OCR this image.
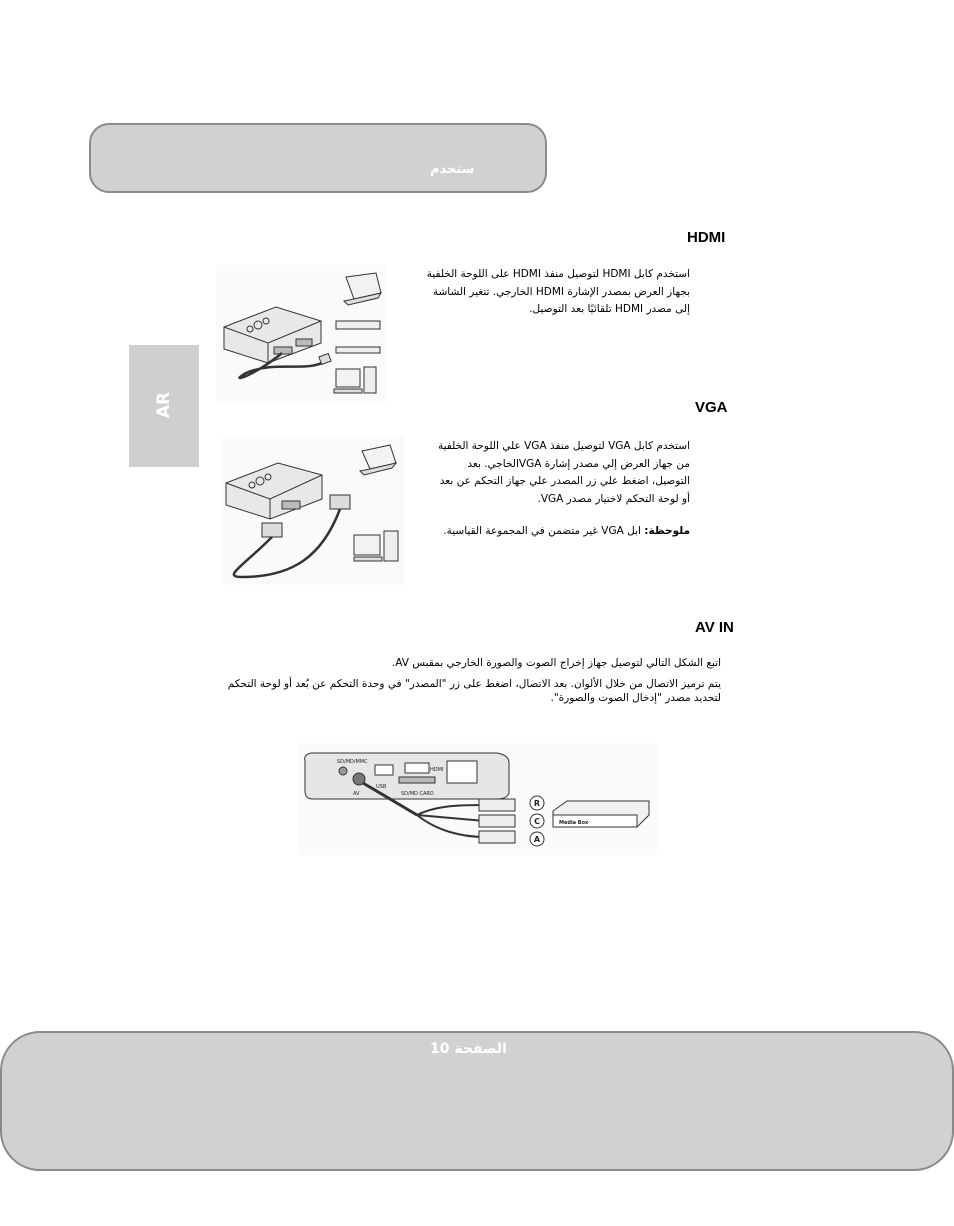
ستخدم
AR
HDMI

استخدم كابل HDMI لتوصيل منفذ HDMI على اللوحة الخلفية

بجهاز العرض بمصدر الإشارة HDMI الخارجي. تتغير الشاشة

إلى مصدر HDMI تلقائيًا بعد التوصيل.

VGA

استخدم كابل VGA لتوصيل منفذ VGA علي اللوحة الخلفية

من جهاز العرض إلي مصدر إشارة VGAالخاجي. بعد

التوصيل، اضغط علي زر المصدر علي جهاز التحكم عن بعد

أو لوحة التحكم لاختيار مصدر VGA.

ملوحظة: ابل VGA غير متضمن في المجموعة القياسية.
AV IN

اتبع الشكل التالي لتوصيل جهاز إخراج الصوت والصورة الخارجي بمقبس AV.

يتم ترميز الاتصال من خلال الألوان. بعد الاتصال، اضغط على زر "المصدر" في وحدة التحكم عن بُعد أو لوحة التحكم

لتحديد مصدر "إدخال الصوت والصورة".

USB
SD/MD/MMC
HDMI
AV	SD/MD CARD
R
C
A
Media Box
الصفحة 10
